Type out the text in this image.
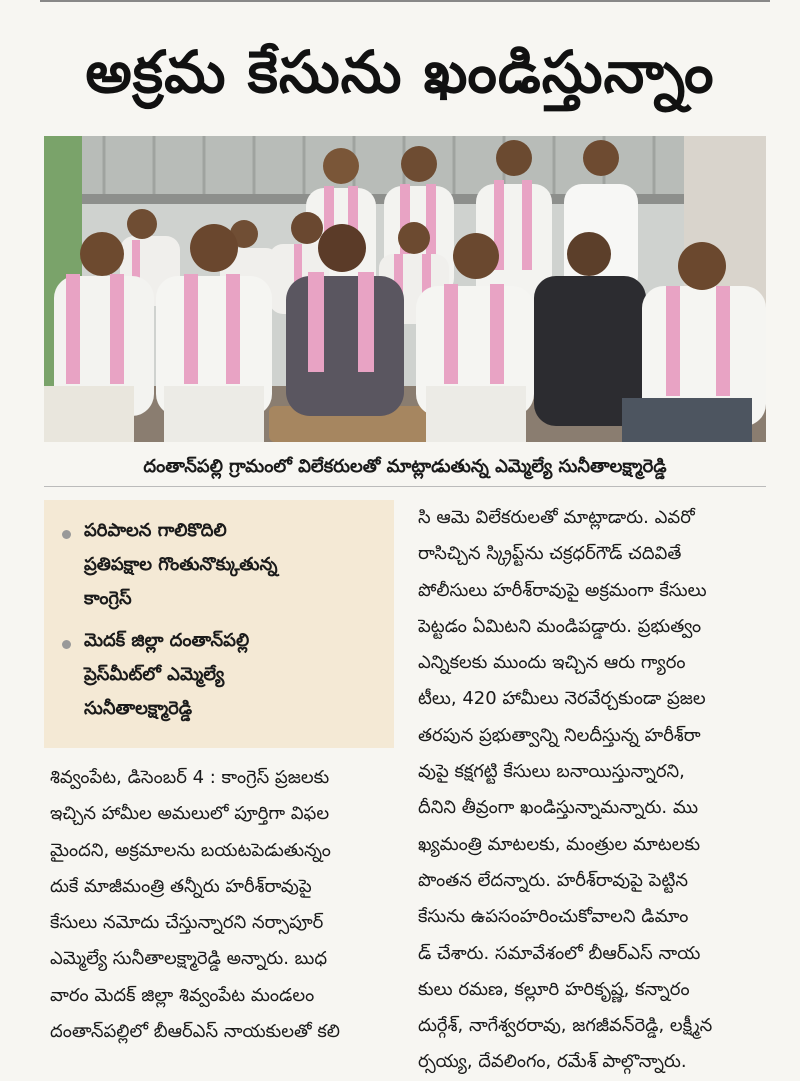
అక్రమ కేసును ఖండిస్తున్నాం
దంతాన్‌పల్లి గ్రామంలో విలేకరులతో మాట్లాడుతున్న ఎమ్మెల్యే సునీతాలక్ష్మారెడ్డి
పరిపాలన గాలికొదిలి
ప్రతిపక్షాల గొంతునొక్కుతున్న
కాంగ్రెస్
మెదక్ జిల్లా దంతాన్‌పల్లి
ప్రెస్‌మీట్‌లో ఎమ్మెల్యే
సునీతాలక్ష్మారెడ్డి
శివ్వంపేట, డిసెంబర్ 4 : కాంగ్రెస్ ప్రజలకు
ఇచ్చిన హామీల అమలులో పూర్తిగా విఫల
మైందని, అక్రమాలను బయటపెడుతున్నం
దుకే మాజీమంత్రి తన్నీరు హరీశ్‌రావుపై
కేసులు నమోదు చేస్తున్నారని నర్సాపూర్
ఎమ్మెల్యే సునీతాలక్ష్మారెడ్డి అన్నారు. బుధ
వారం మెదక్ జిల్లా శివ్వంపేట మండలం
దంతాన్‌పల్లిలో బీఆర్‌ఎస్ నాయకులతో కలి
సి ఆమె విలేకరులతో మాట్లాడారు. ఎవరో
రాసిచ్చిన స్క్రిప్ట్‌ను చక్రధర్‌గౌడ్ చదివితే
పోలీసులు హరీశ్‌రావుపై అక్రమంగా కేసులు
పెట్టడం ఏమిటని మండిపడ్డారు. ప్రభుత్వం
ఎన్నికలకు ముందు ఇచ్చిన ఆరు గ్యారం
టీలు, 420 హామీలు నెరవేర్చకుండా ప్రజల
తరపున ప్రభుత్వాన్ని నిలదీస్తున్న హరీశ్‌రా
వుపై కక్షగట్టి కేసులు బనాయిస్తున్నారని,
దీనిని తీవ్రంగా ఖండిస్తున్నామన్నారు. ము
ఖ్యమంత్రి మాటలకు, మంత్రుల మాటలకు
పొంతన లేదన్నారు. హరీశ్‌రావుపై పెట్టిన
కేసును ఉపసంహరించుకోవాలని డిమాం
డ్ చేశారు. సమావేశంలో బీఆర్‌ఎస్ నాయ
కులు రమణ, కల్లూరి హరికృష్ణ, కన్నారం
దుర్గేశ్, నాగేశ్వరరావు, జగజీవన్‌రెడ్డి, లక్ష్మీన
ర్సయ్య, దేవలింగం, రమేశ్ పాల్గొన్నారు.
